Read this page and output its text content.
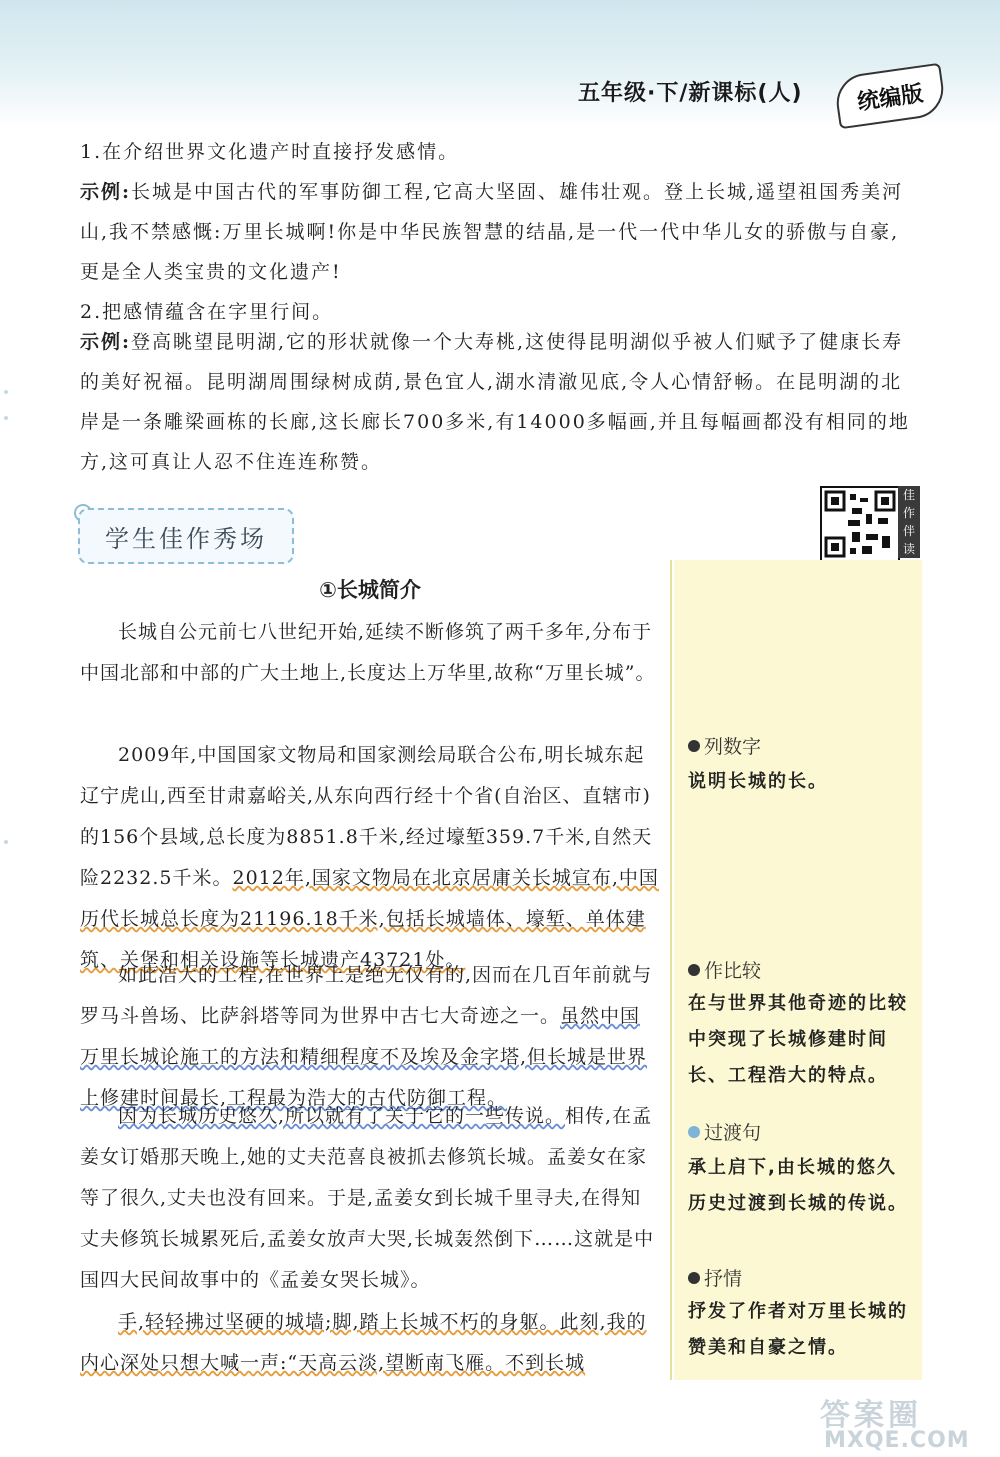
五年级·下/新课标(人)	统编版

1.在介绍世界文化遗产时直接抒发感情。

示例:长城是中国古代的军事防御工程,它高大坚固、雄伟壮观。登上长城,遥望祖国秀美河山,我不禁感慨:万里长城啊!你是中华民族智慧的结晶,是一代一代中华儿女的骄傲与自豪,更是全人类宝贵的文化遗产!

2.把感情蕴含在字里行间。

示例:登高眺望昆明湖,它的形状就像一个大寿桃,这使得昆明湖似乎被人们赋予了健康长寿的美好祝福。昆明湖周围绿树成荫,景色宜人,湖水清澈见底,令人心情舒畅。在昆明湖的北岸是一条雕梁画栋的长廊,这长廊长700多米,有14000多幅画,并且每幅画都没有相同的地方,这可真让人忍不住连连称赞。

学生佳作秀场
佳
作
伴
读
①长城简介

长城自公元前七八世纪开始,延续不断修筑了两千多年,分布于中国北部和中部的广大土地上,长度达上万华里,故称“万里长城”。

2009年,中国国家文物局和国家测绘局联合公布,明长城东起辽宁虎山,西至甘肃嘉峪关,从东向西行经十个省(自治区、直辖市)的156个县域,总长度为8851.8千米,经过壕堑359.7千米,自然天险2232.5千米。2012年,国家文物局在北京居庸关长城宣布,中国历代长城总长度为21196.18千米,包括长城墙体、壕堑、单体建筑、关堡和相关设施等长城遗产43721处。

如此浩大的工程,在世界上是绝无仅有的,因而在几百年前就与罗马斗兽场、比萨斜塔等同为世界中古七大奇迹之一。虽然中国万里长城论施工的方法和精细程度不及埃及金字塔,但长城是世界上修建时间最长,工程最为浩大的古代防御工程。

因为长城历史悠久,所以就有了关于它的一些传说。相传,在孟姜女订婚那天晚上,她的丈夫范喜良被抓去修筑长城。孟姜女在家等了很久,丈夫也没有回来。于是,孟姜女到长城千里寻夫,在得知丈夫修筑长城累死后,孟姜女放声大哭,长城轰然倒下……这就是中国四大民间故事中的《孟姜女哭长城》。

手,轻轻拂过坚硬的城墙;脚,踏上长城不朽的身躯。此刻,我的内心深处只想大喊一声:“天高云淡,望断南飞雁。不到长城

列数字

说明长城的长。

作比较

在与世界其他奇迹的比较中突现了长城修建时间长、工程浩大的特点。

过渡句

承上启下,由长城的悠久历史过渡到长城的传说。

抒情

抒发了作者对万里长城的赞美和自豪之情。

答案圈
MXQE.COM
